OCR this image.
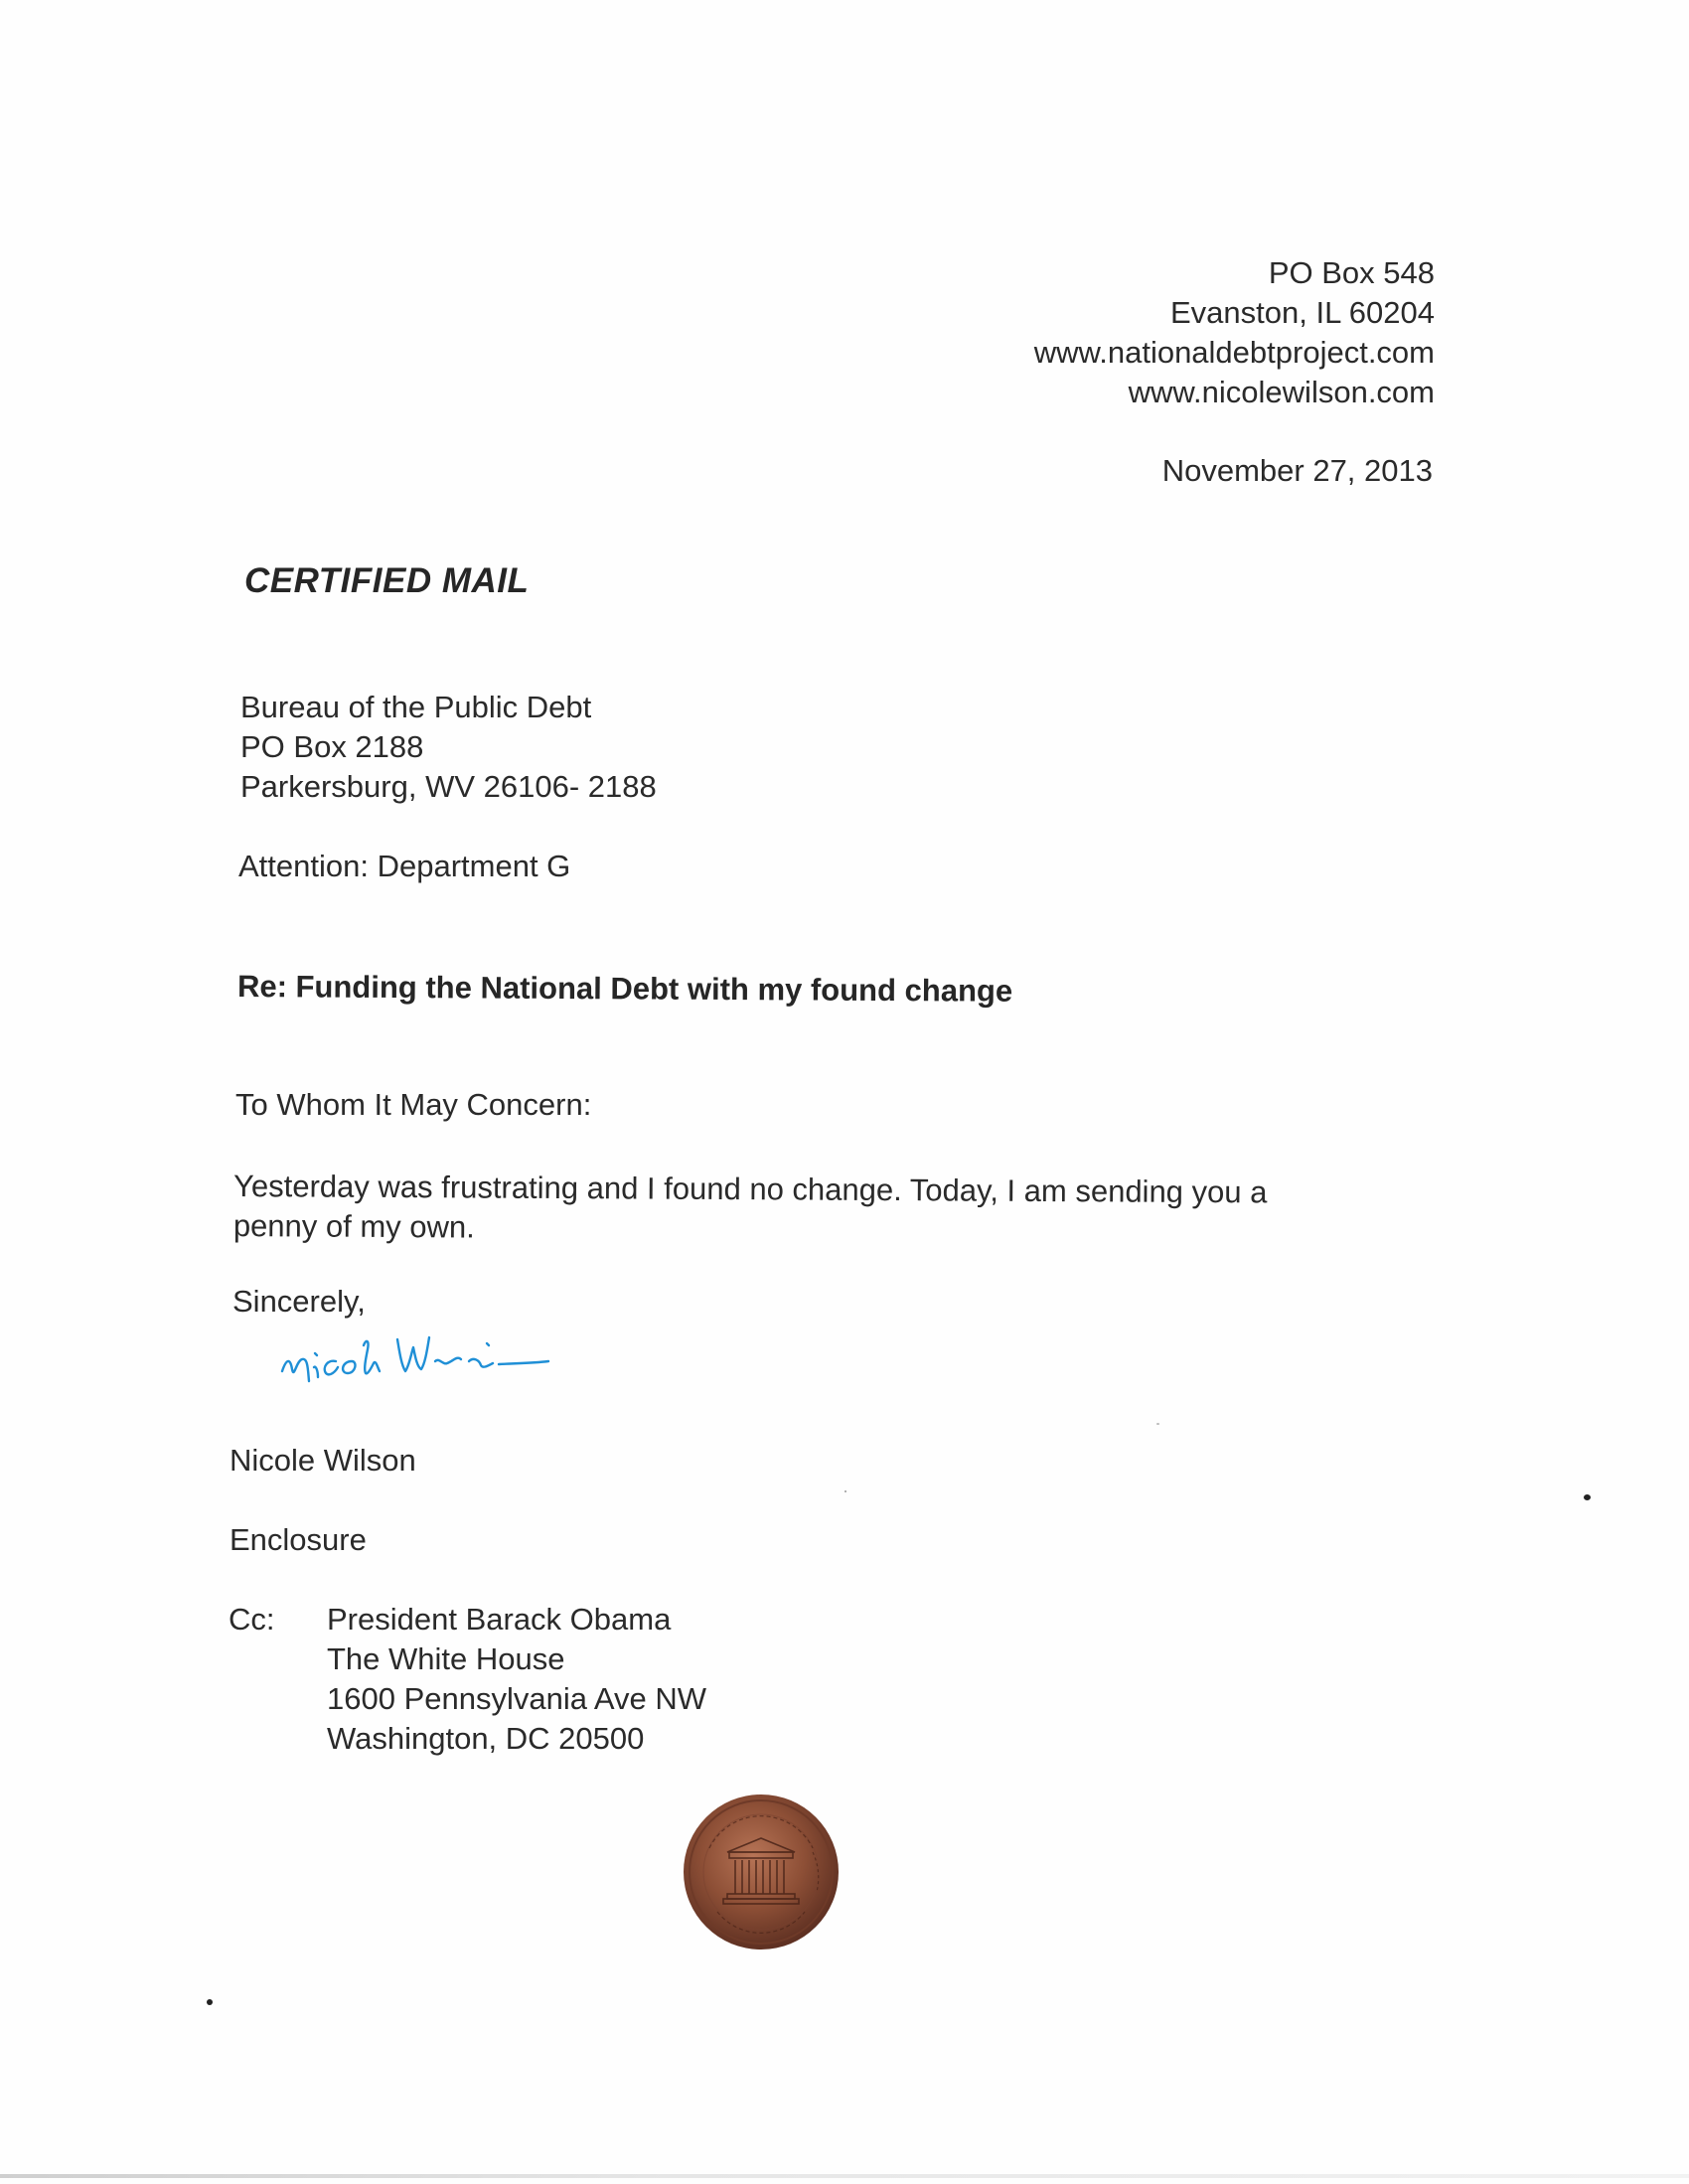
PO Box 548
Evanston, IL 60204
www.nationaldebtproject.com
www.nicolewilson.com
November 27, 2013
CERTIFIED MAIL
Bureau of the Public Debt
PO Box 2188
Parkersburg, WV 26106- 2188
Attention: Department G
Re: Funding the National Debt with my found change
To Whom It May Concern:
Yesterday was frustrating and I found no change. Today, I am sending you a
penny of my own.
Sincerely,
Nicole Wilson
Enclosure
Cc: President Barack Obama
The White House
1600 Pennsylvania Ave NW
Washington, DC 20500
